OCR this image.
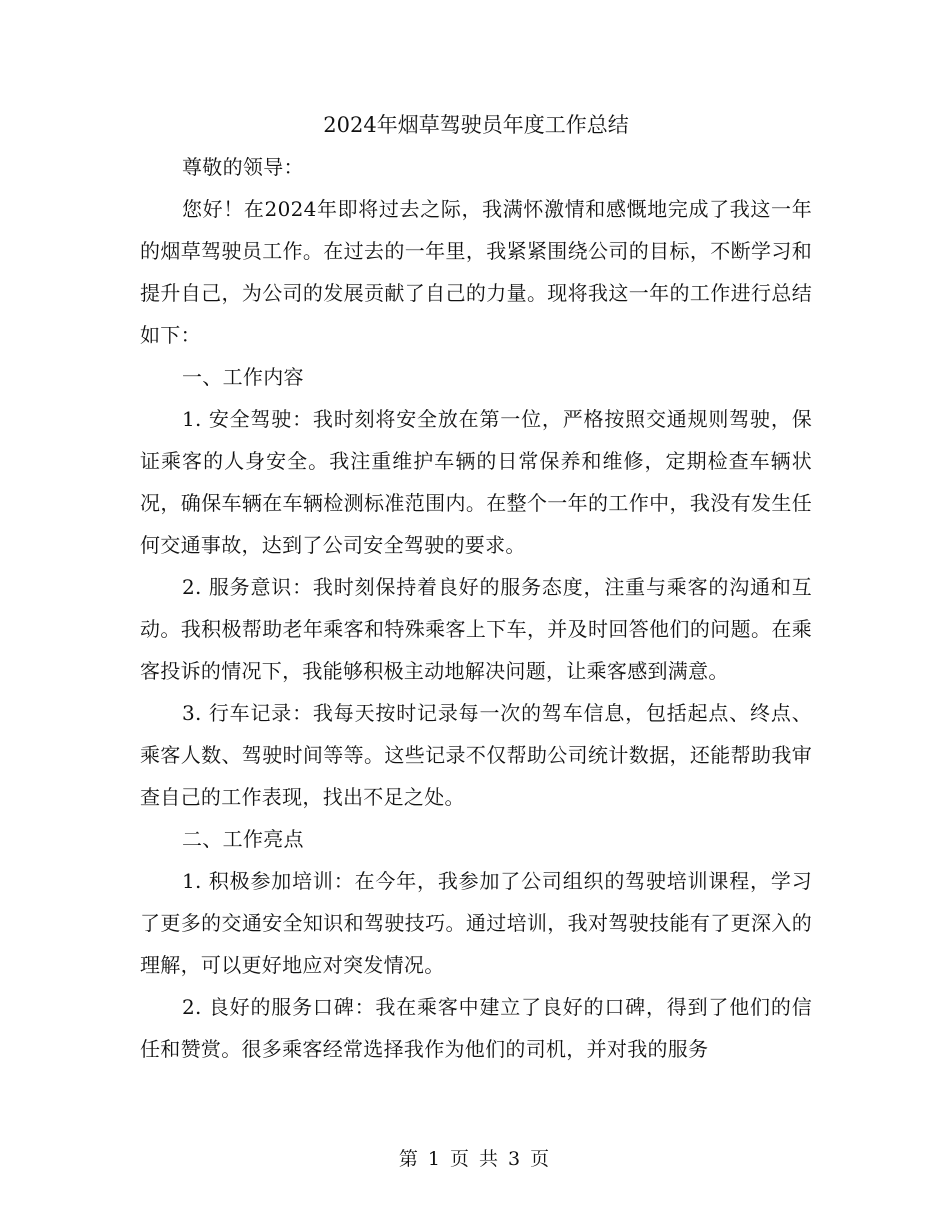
2024年烟草驾驶员年度工作总结

尊敬的领导：

您好！在2024年即将过去之际，我满怀激情和感慨地完成了我这一年的烟草驾驶员工作。在过去的一年里，我紧紧围绕公司的目标，不断学习和提升自己，为公司的发展贡献了自己的力量。现将我这一年的工作进行总结如下：

一、工作内容

1. 安全驾驶：我时刻将安全放在第一位，严格按照交通规则驾驶，保证乘客的人身安全。我注重维护车辆的日常保养和维修，定期检查车辆状况，确保车辆在车辆检测标准范围内。在整个一年的工作中，我没有发生任何交通事故，达到了公司安全驾驶的要求。

2. 服务意识：我时刻保持着良好的服务态度，注重与乘客的沟通和互动。我积极帮助老年乘客和特殊乘客上下车，并及时回答他们的问题。在乘客投诉的情况下，我能够积极主动地解决问题，让乘客感到满意。

3. 行车记录：我每天按时记录每一次的驾车信息，包括起点、终点、乘客人数、驾驶时间等等。这些记录不仅帮助公司统计数据，还能帮助我审查自己的工作表现，找出不足之处。

二、工作亮点

1. 积极参加培训：在今年，我参加了公司组织的驾驶培训课程，学习了更多的交通安全知识和驾驶技巧。通过培训，我对驾驶技能有了更深入的理解，可以更好地应对突发情况。

2. 良好的服务口碑：我在乘客中建立了良好的口碑，得到了他们的信任和赞赏。很多乘客经常选择我作为他们的司机，并对我的服务

第 1 页 共 3 页
